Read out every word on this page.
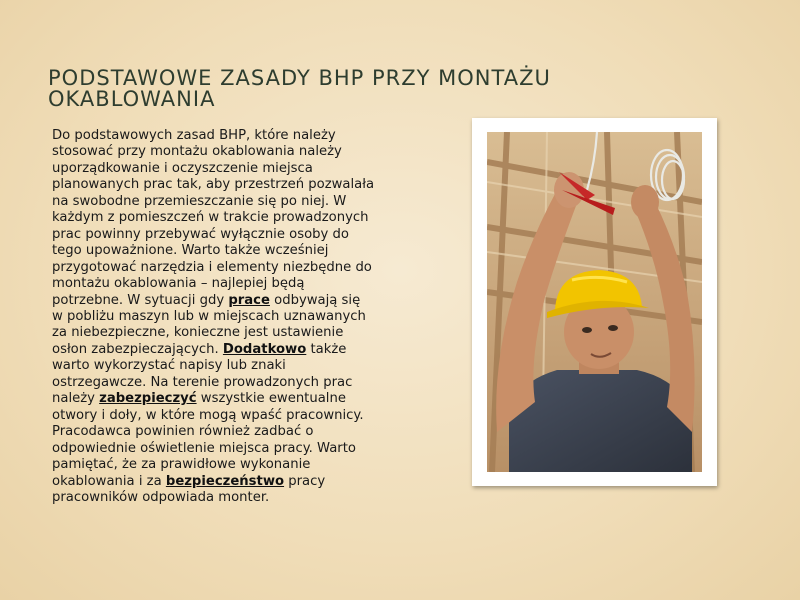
PODSTAWOWE ZASADY BHP PRZY MONTAŻU
OKABLOWANIA
Do podstawowych zasad BHP, które należy
stosować przy montażu okablowania należy
uporządkowanie i oczyszczenie miejsca
planowanych prac tak, aby przestrzeń pozwalała
na swobodne przemieszczanie się po niej. W
każdym z pomieszczeń w trakcie prowadzonych
prac powinny przebywać wyłącznie osoby do
tego upoważnione. Warto także wcześniej
przygotować narzędzia i elementy niezbędne do
montażu okablowania – najlepiej będą
potrzebne. W sytuacji gdy prace odbywają się
w pobliżu maszyn lub w miejscach uznawanych
za niebezpieczne, konieczne jest ustawienie
osłon zabezpieczających. Dodatkowo także
warto wykorzystać napisy lub znaki
ostrzegawcze. Na terenie prowadzonych prac
należy zabezpieczyć wszystkie ewentualne
otwory i doły, w które mogą wpaść pracownicy.
Pracodawca powinien również zadbać o
odpowiednie oświetlenie miejsca pracy. Warto
pamiętać, że za prawidłowe wykonanie
okablowania i za bezpieczeństwo pracy
pracowników odpowiada monter.
